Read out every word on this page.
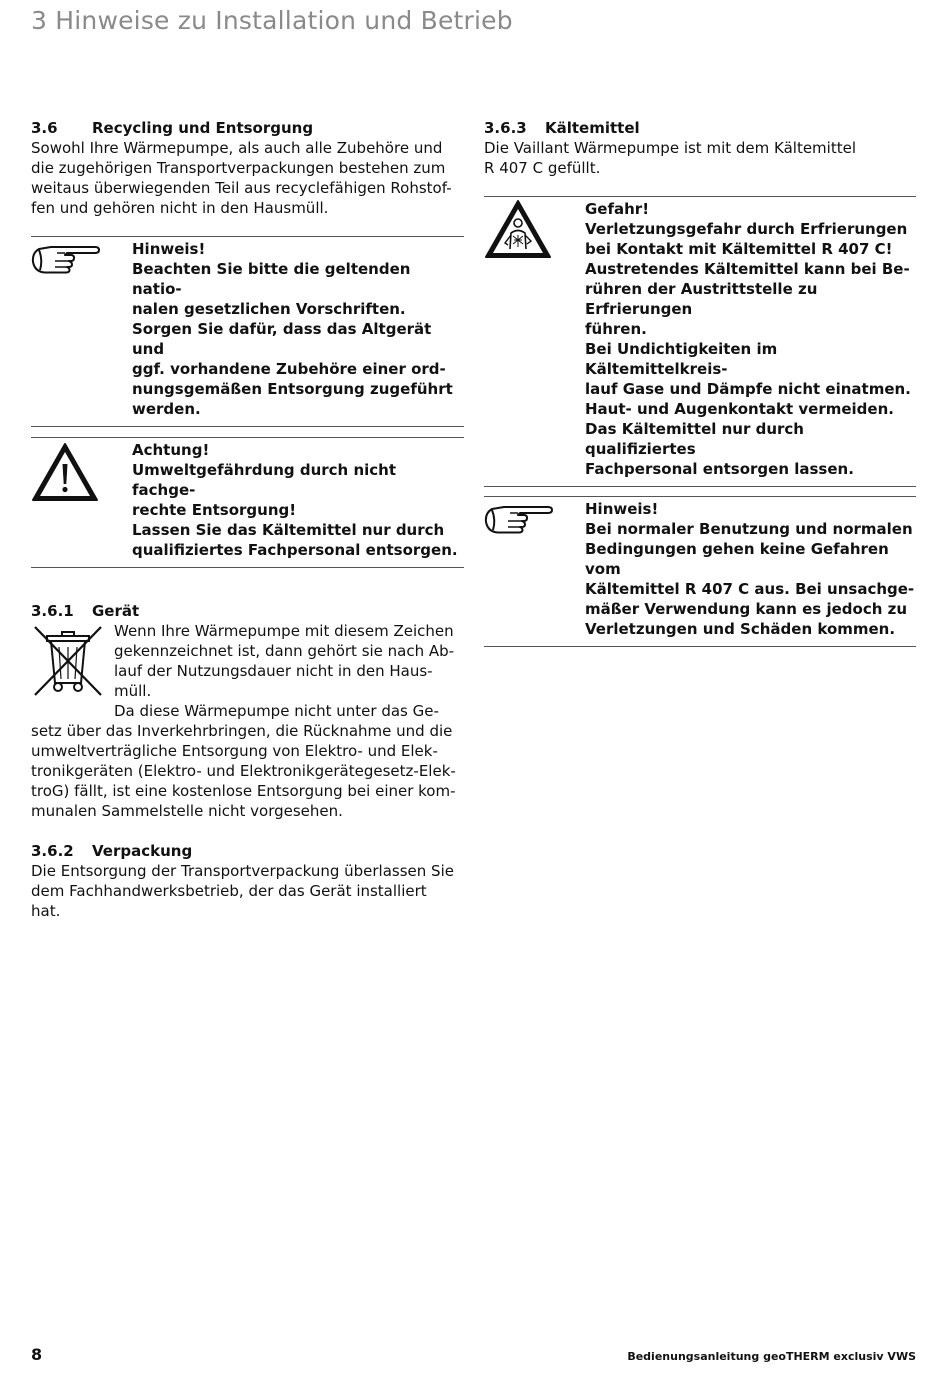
3 Hinweise zu Installation und Betrieb

3.6 Recycling und Entsorgung

Sowohl Ihre Wärmepumpe, als auch alle Zubehöre und

die zugehörigen Transportverpackungen bestehen zum

weitaus überwiegenden Teil aus recyclefähigen Rohstof-

fen und gehören nicht in den Hausmüll.

Hinweis!

Beachten Sie bitte die geltenden natio-

nalen gesetzlichen Vorschriften.

Sorgen Sie dafür, dass das Altgerät und

ggf. vorhandene Zubehöre einer ord-

nungsgemäßen Entsorgung zugeführt

werden.

Achtung!

Umweltgefährdung durch nicht fachge-

rechte Entsorgung!

Lassen Sie das Kältemittel nur durch

qualifiziertes Fachpersonal entsorgen.

3.6.1 Gerät

Wenn Ihre Wärmepumpe mit diesem Zeichen
gekennzeichnet ist, dann gehört sie nach Ab-
lauf der Nutzungsdauer nicht in den Haus-
müll.
Da diese Wärmepumpe nicht unter das Ge-

setz über das Inverkehrbringen, die Rücknahme und die

umweltverträgliche Entsorgung von Elektro- und Elek-

tronikgeräten (Elektro- und Elektronikgerätegesetz-Elek-

troG) fällt, ist eine kostenlose Entsorgung bei einer kom-

munalen Sammelstelle nicht vorgesehen.

3.6.2 Verpackung

Die Entsorgung der Transportverpackung überlassen Sie

dem Fachhandwerksbetrieb, der das Gerät installiert

hat.

3.6.3 Kältemittel

Die Vaillant Wärmepumpe ist mit dem Kältemittel

R 407 C gefüllt.

Gefahr!

Verletzungsgefahr durch Erfrierungen

bei Kontakt mit Kältemittel R 407 C!

Austretendes Kältemittel kann bei Be-

rühren der Austrittstelle zu Erfrierungen

führen.

Bei Undichtigkeiten im Kältemittelkreis-

lauf Gase und Dämpfe nicht einatmen.

Haut- und Augenkontakt vermeiden.

Das Kältemittel nur durch qualifiziertes

Fachpersonal entsorgen lassen.

Hinweis!

Bei normaler Benutzung und normalen

Bedingungen gehen keine Gefahren vom

Kältemittel R 407 C aus. Bei unsachge-

mäßer Verwendung kann es jedoch zu

Verletzungen und Schäden kommen.

8	Bedienungsanleitung geoTHERM exclusiv VWS
